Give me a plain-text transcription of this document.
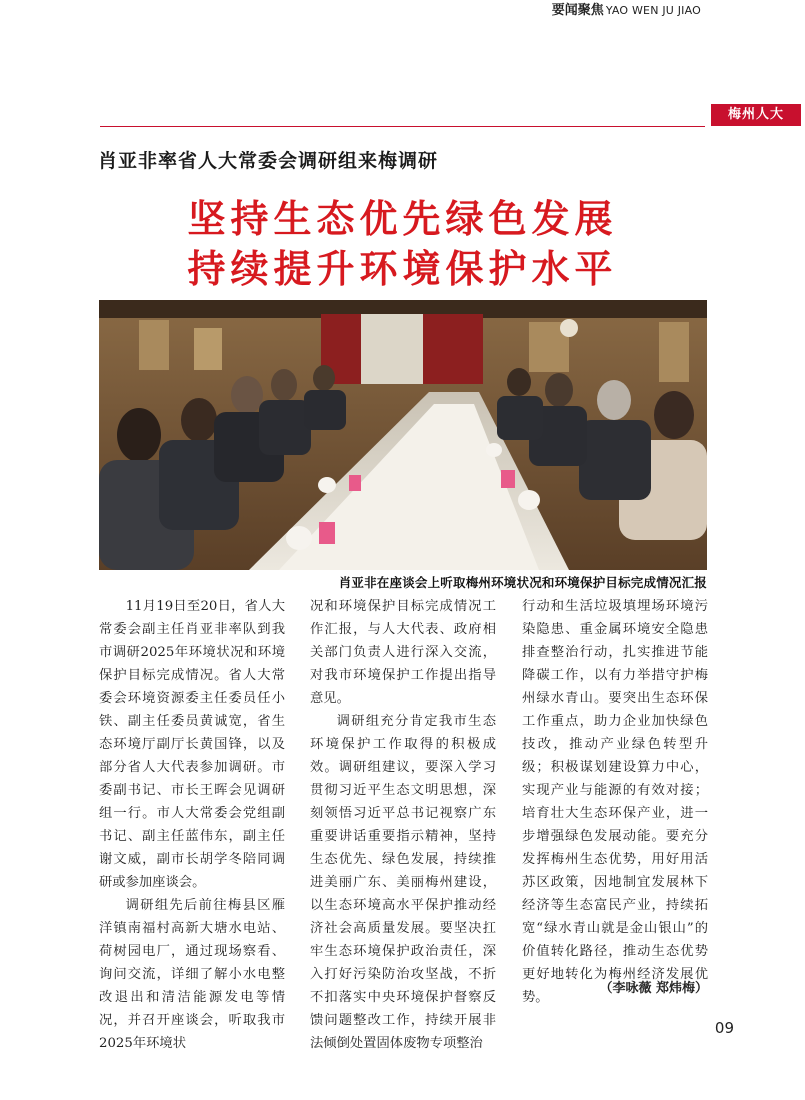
要闻聚焦 YAO WEN JU JIAO
梅州人大
肖亚非率省人大常委会调研组来梅调研
坚持生态优先绿色发展
持续提升环境保护水平
肖亚非在座谈会上听取梅州环境状况和环境保护目标完成情况汇报

11月19日至20日，省人大常委会副主任肖亚非率队到我市调研2025年环境状况和环境保护目标完成情况。省人大常委会环境资源委主任委员任小铁、副主任委员黄诚宽，省生态环境厅副厅长黄国锋，以及部分省人大代表参加调研。市委副书记、市长王晖会见调研组一行。市人大常委会党组副书记、副主任蓝伟东，副主任谢文威，副市长胡学冬陪同调研或参加座谈会。

调研组先后前往梅县区雁洋镇南福村高新大塘水电站、荷树园电厂，通过现场察看、询问交流，详细了解小水电整改退出和清洁能源发电等情况，并召开座谈会，听取我市2025年环境状

况和环境保护目标完成情况工作汇报，与人大代表、政府相关部门负责人进行深入交流，对我市环境保护工作提出指导意见。

调研组充分肯定我市生态环境保护工作取得的积极成效。调研组建议，要深入学习贯彻习近平生态文明思想，深刻领悟习近平总书记视察广东重要讲话重要指示精神，坚持生态优先、绿色发展，持续推进美丽广东、美丽梅州建设，以生态环境高水平保护推动经济社会高质量发展。要坚决扛牢生态环境保护政治责任，深入打好污染防治攻坚战，不折不扣落实中央环境保护督察反馈问题整改工作，持续开展非法倾倒处置固体废物专项整治

行动和生活垃圾填埋场环境污染隐患、重金属环境安全隐患排查整治行动，扎实推进节能降碳工作，以有力举措守护梅州绿水青山。要突出生态环保工作重点，助力企业加快绿色技改，推动产业绿色转型升级；积极谋划建设算力中心，实现产业与能源的有效对接；培育壮大生态环保产业，进一步增强绿色发展动能。要充分发挥梅州生态优势，用好用活苏区政策，因地制宜发展林下经济等生态富民产业，持续拓宽“绿水青山就是金山银山”的价值转化路径，推动生态优势更好地转化为梅州经济发展优势。

（李咏薇 郑炜梅）
09
